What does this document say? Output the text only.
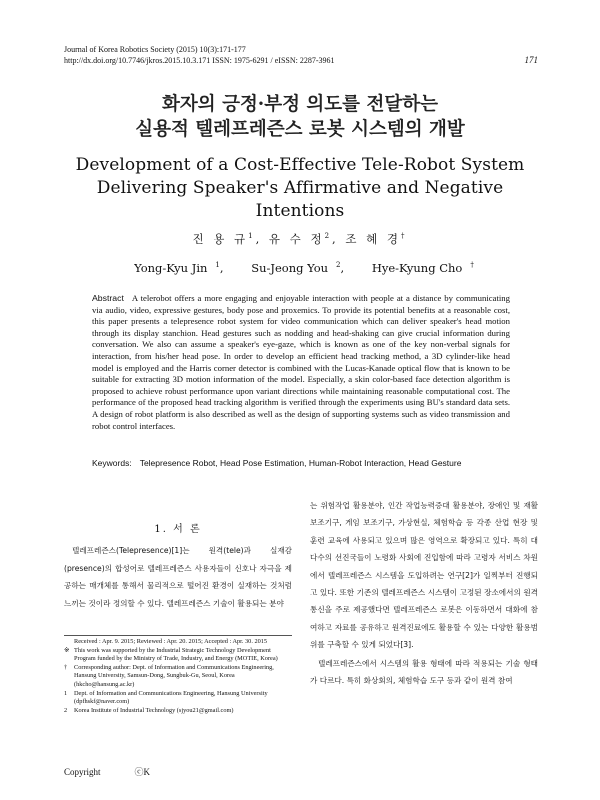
Journal of Korea Robotics Society (2015) 10(3):171-177
http://dx.doi.org/10.7746/jkros.2015.10.3.171 ISSN: 1975-6291 / eISSN: 2287-3961	171
화자의 긍정·부정 의도를 전달하는
실용적 텔레프레즌스 로봇 시스템의 개발
Development of a Cost-Effective Tele-Robot System
Delivering Speaker's Affirmative and Negative
Intentions
진 용 규$^1$, 유 수 정$^2$, 조 혜 경†
Yong-Kyu Jin $^1$, Su-Jeong You $^2$, Hye-Kyung Cho †
Abstract A telerobot offers a more engaging and enjoyable interaction with people at a distance by communicating via audio, video, expressive gestures, body pose and proxemics. To provide its potential benefits at a reasonable cost, this paper presents a telepresence robot system for video communication which can deliver speaker's head motion through its display stanchion. Head gestures such as nodding and head-shaking can give crucial information during conversation. We also can assume a speaker's eye-gaze, which is known as one of the key non-verbal signals for interaction, from his/her head pose. In order to develop an efficient head tracking method, a 3D cylinder-like head model is employed and the Harris corner detector is combined with the Lucas-Kanade optical flow that is known to be suitable for extracting 3D motion information of the model. Especially, a skin color-based face detection algorithm is proposed to achieve robust performance upon variant directions while maintaining reasonable computational cost. The performance of the proposed head tracking algorithm is verified through the experiments using BU's standard data sets. A design of robot platform is also described as well as the design of supporting systems such as video transmission and robot control interfaces.
Keywords: Telepresence Robot, Head Pose Estimation, Human-Robot Interaction, Head Gesture
1. 서 론

텔레프레즌스(Telepresence)[1]는 원격(tele)과 실재감(presence)의 합성어로 텔레프레즌스 사용자들이 신호나 자극을 제공하는 매개체를 통해서 물리적으로 떨어진 환경이 실재하는 것처럼 느끼는 것이라 정의할 수 있다. 텔레프레즌스 기술이 활용되는 분야

는 위험작업 활용분야, 인간 작업능력증대 활용분야, 장애인 및 재활 보조기구, 게임 보조기구, 가상현실, 체험학습 등 각종 산업 현장 및 훈련 교육에 사용되고 있으며 많은 영역으로 확장되고 있다. 특히 대다수의 선진국들이 노령화 사회에 진입함에 따라 고령자 서비스 차원에서 텔레프레즌스 시스템을 도입하려는 연구[2]가 일찍부터 진행되고 있다. 또한 기존의 텔레프레즌스 시스템이 고정된 장소에서의 원격 통신을 주로 제공했다면 텔레프레즌스 로봇은 이동하면서 대화에 참여하고 자료를 공유하고 원격진료에도 활용할 수 있는 다양한 활용범위를 구축할 수 있게 되었다[3].

텔레프레즌스에서 시스템의 활용 형태에 따라 적용되는 기술 형태가 다르다. 특히 화상회의, 체험학습 도구 등과 같이 원격 참여

Received : Apr. 9. 2015; Reviewed : Apr. 20. 2015; Accepted : Apr. 30. 2015
※ This work was supported by the Industrial Strategic Technology Development Program funded by the Ministry of Trade, Industry, and Energy (MOTIE, Korea)
†	Corresponding author: Dept. of Information and Communications Engineering, Hansung University, Samsun-Dong, Sungbuk-Gu, Seoul, Korea (hkcho@hansung.ac.kr)
1	Dept. of Information and Communications Engineering, Hansung University (dpfhskf@naver.com)
2	Korea Institute of Industrial Technology (sjyou21@gmail.com)
Copyright	ⓒK
